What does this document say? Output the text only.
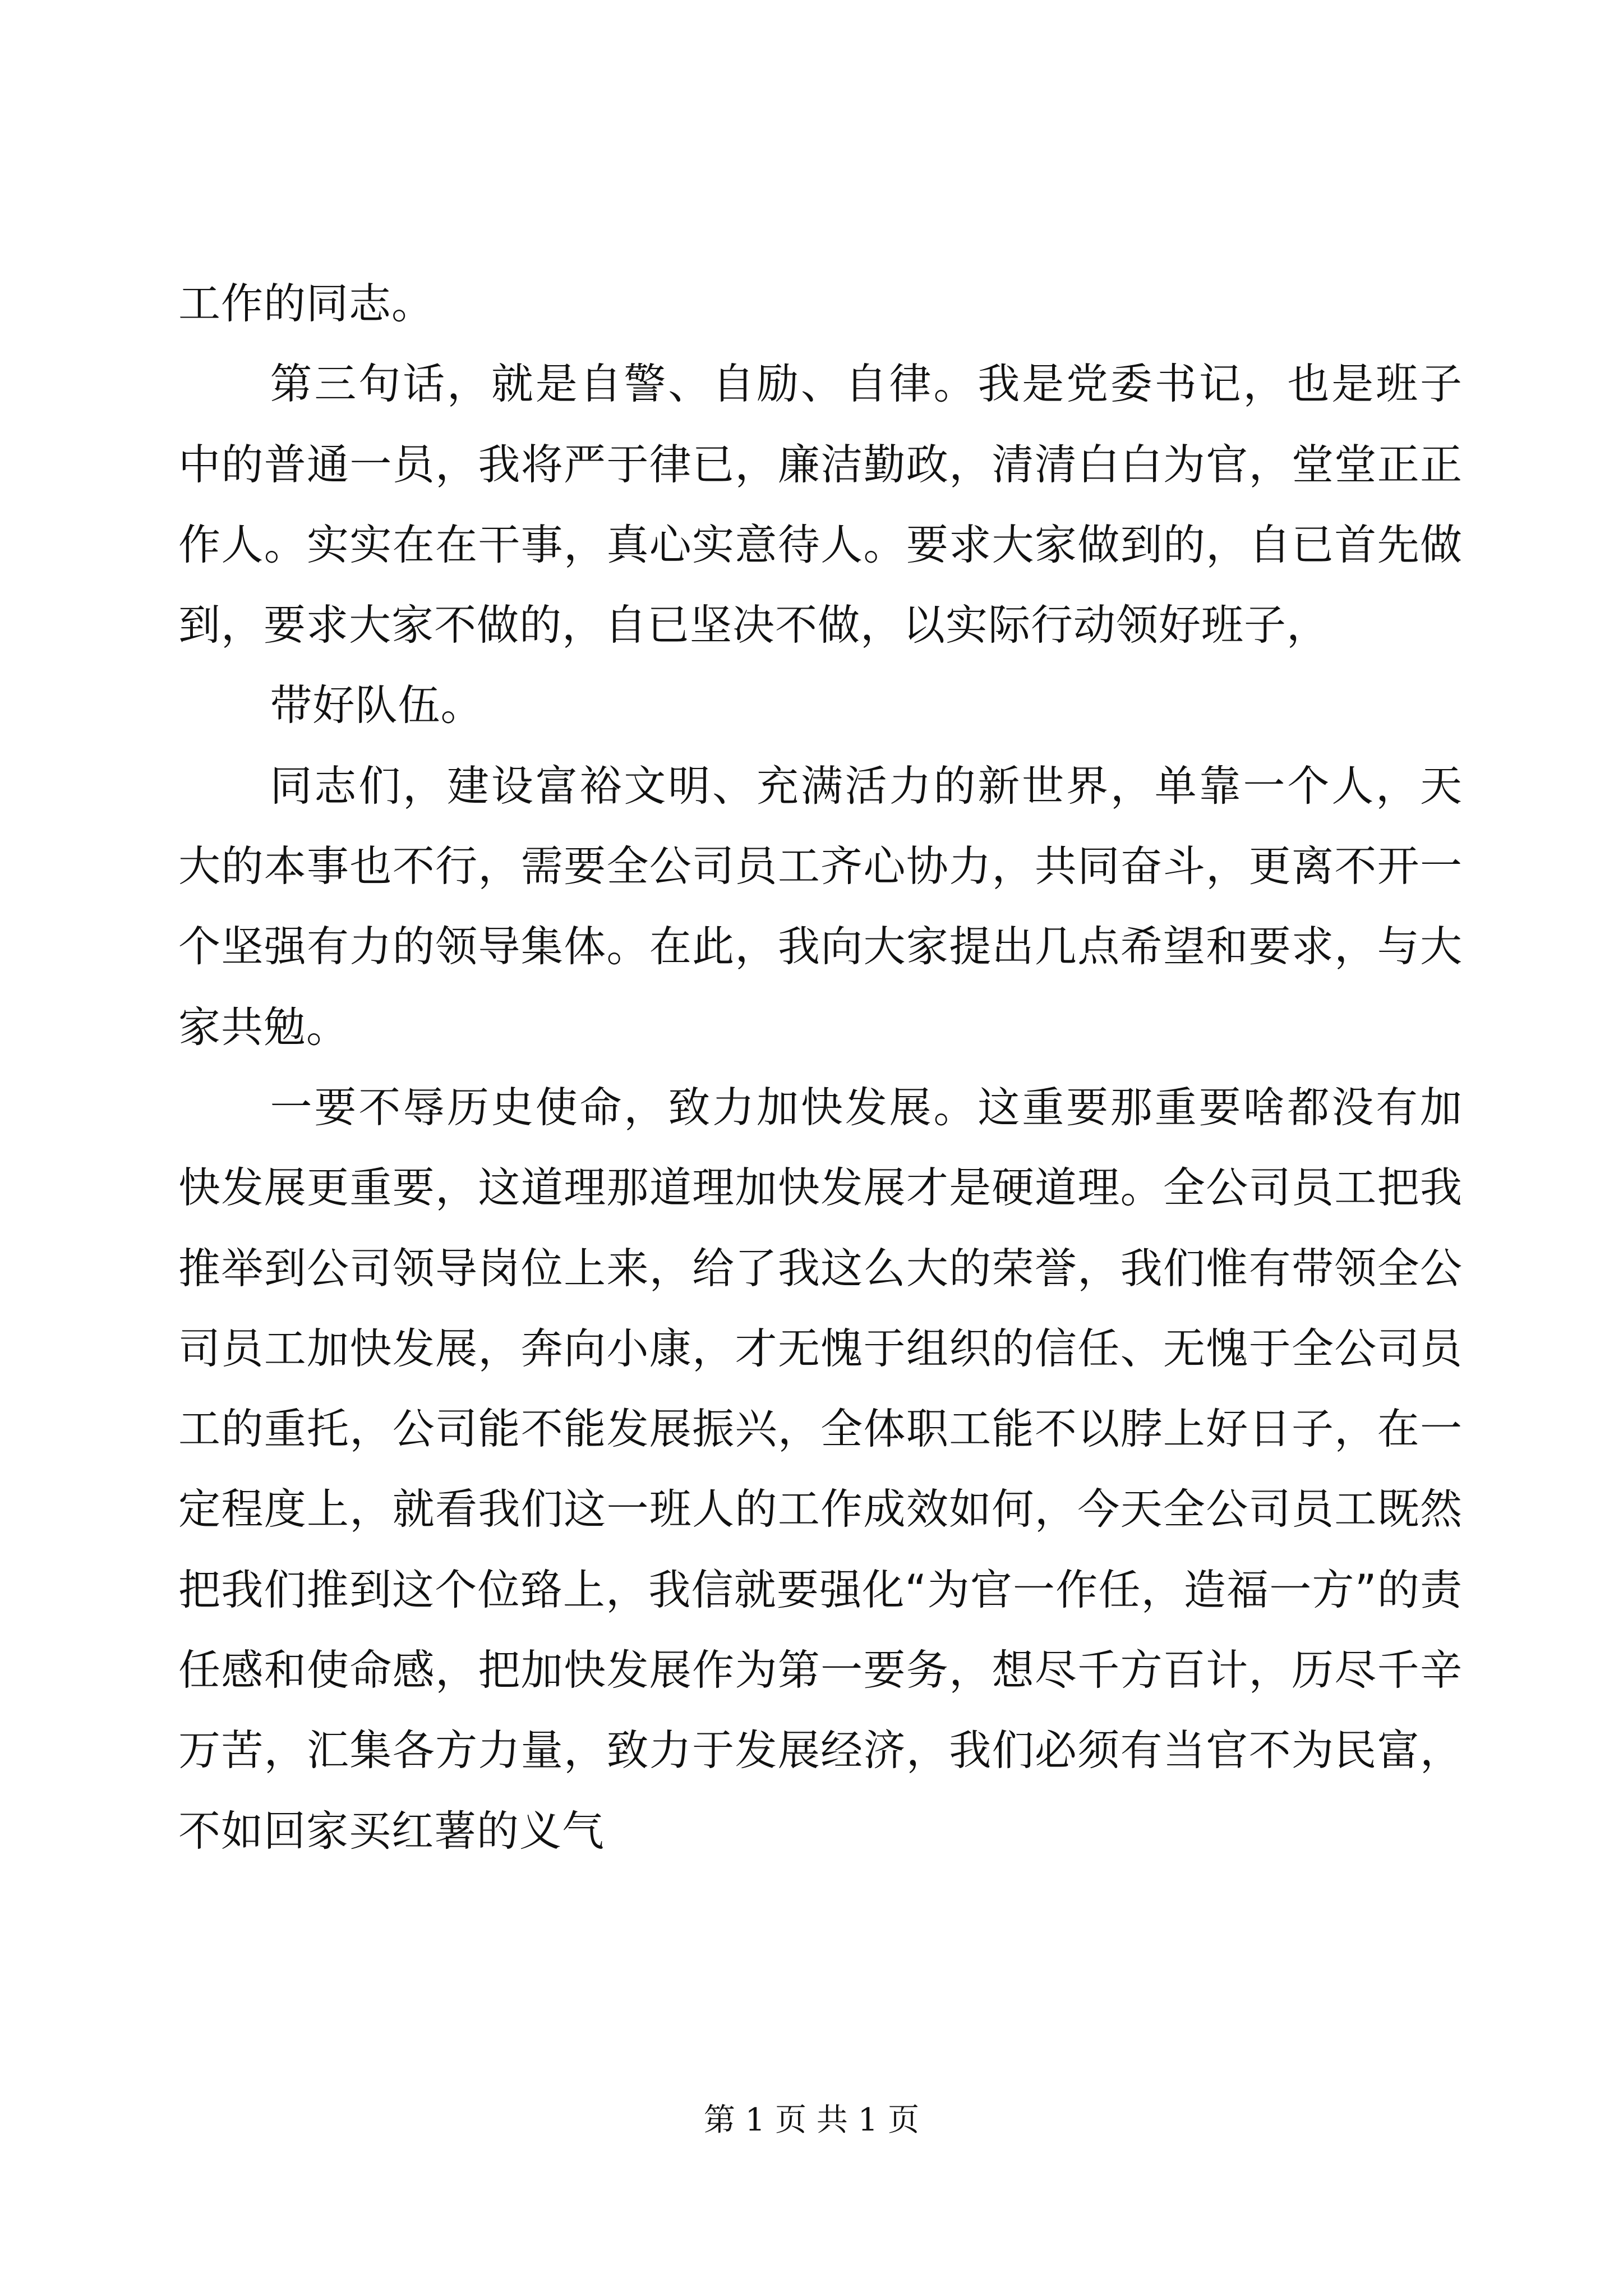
工作的同志。

第三句话，就是自警、自励、自律。我是党委书记，也是班子中的普通一员，我将严于律已，廉洁勤政，清清白白为官，堂堂正正作人。实实在在干事，真心实意待人。要求大家做到的，自已首先做到，要求大家不做的，自已坚决不做，以实际行动领好班子，

带好队伍。

同志们，建设富裕文明、充满活力的新世界，单靠一个人，天大的本事也不行，需要全公司员工齐心协力，共同奋斗，更离不开一个坚强有力的领导集体。在此，我向大家提出几点希望和要求，与大家共勉。

一要不辱历史使命，致力加快发展。这重要那重要啥都没有加快发展更重要，这道理那道理加快发展才是硬道理。全公司员工把我推举到公司领导岗位上来，给了我这么大的荣誉，我们惟有带领全公司员工加快发展，奔向小康，才无愧于组织的信任、无愧于全公司员工的重托，公司能不能发展振兴，全体职工能不以脖上好日子，在一定程度上，就看我们这一班人的工作成效如何，今天全公司员工既然把我们推到这个位臵上，我信就要强化“为官一作任，造福一方”的责任感和使命感，把加快发展作为第一要务，想尽千方百计，历尽千辛万苦，汇集各方力量，致力于发展经济，我们必须有当官不为民富，不如回家买红薯的义气

第 1 页 共 1 页
